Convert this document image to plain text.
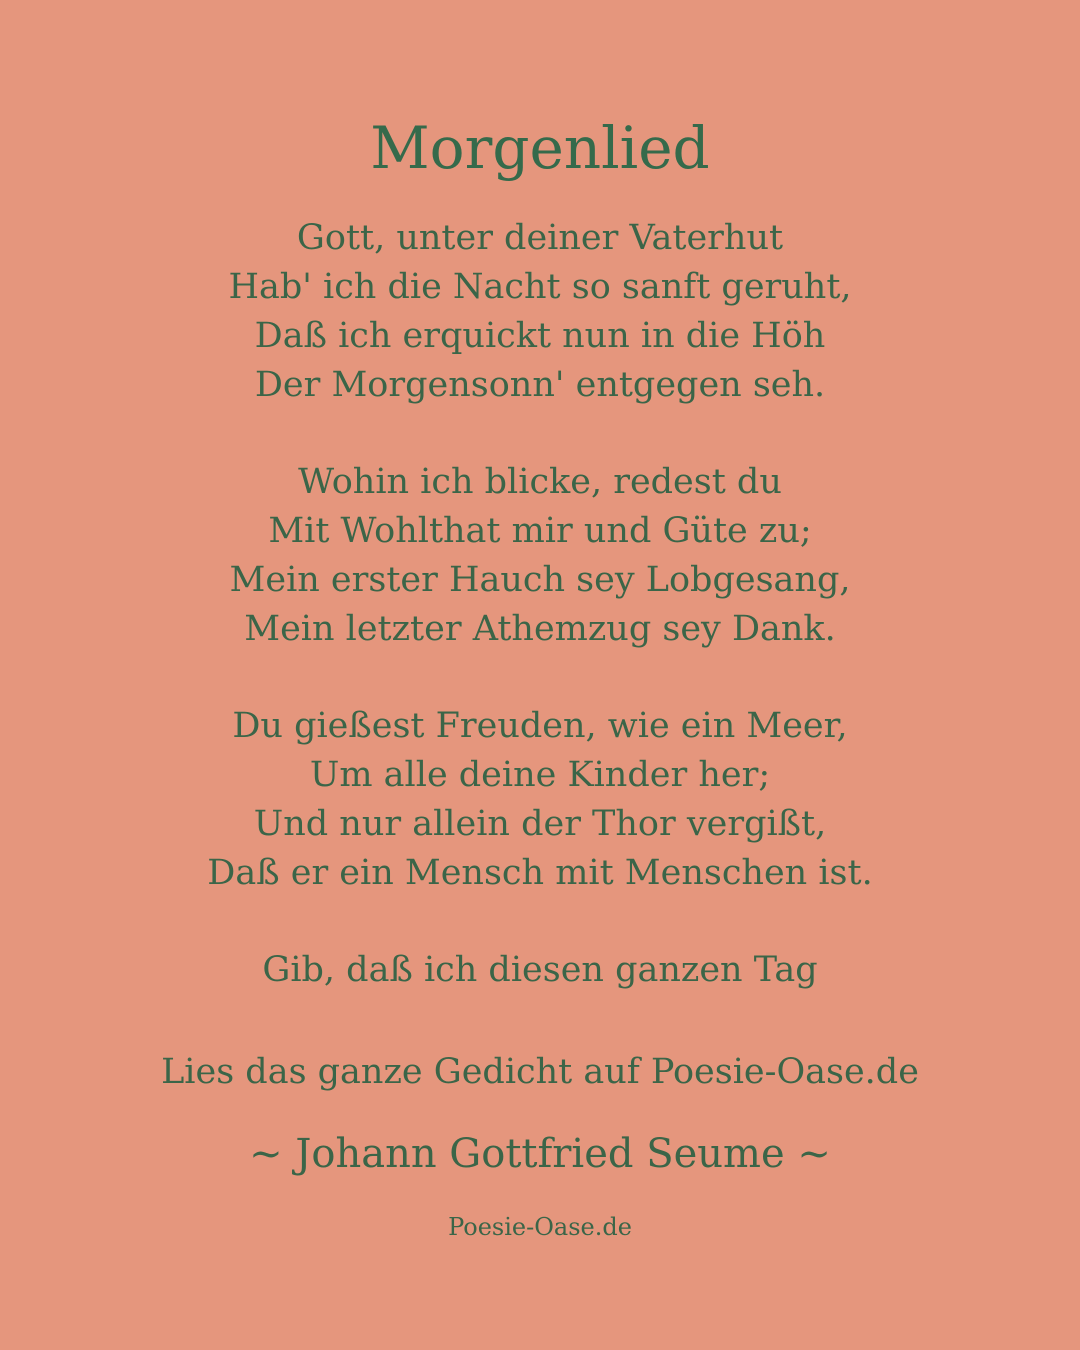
Morgenlied
Gott, unter deiner Vaterhut
Hab' ich die Nacht so sanft geruht,
Daß ich erquickt nun in die Höh
Der Morgensonn' entgegen seh.
Wohin ich blicke, redest du
Mit Wohlthat mir und Güte zu;
Mein erster Hauch sey Lobgesang,
Mein letzter Athemzug sey Dank.
Du gießest Freuden, wie ein Meer,
Um alle deine Kinder her;
Und nur allein der Thor vergißt,
Daß er ein Mensch mit Menschen ist.
Gib, daß ich diesen ganzen Tag
Lies das ganze Gedicht auf Poesie-Oase.de
~ Johann Gottfried Seume ~
Poesie-Oase.de
